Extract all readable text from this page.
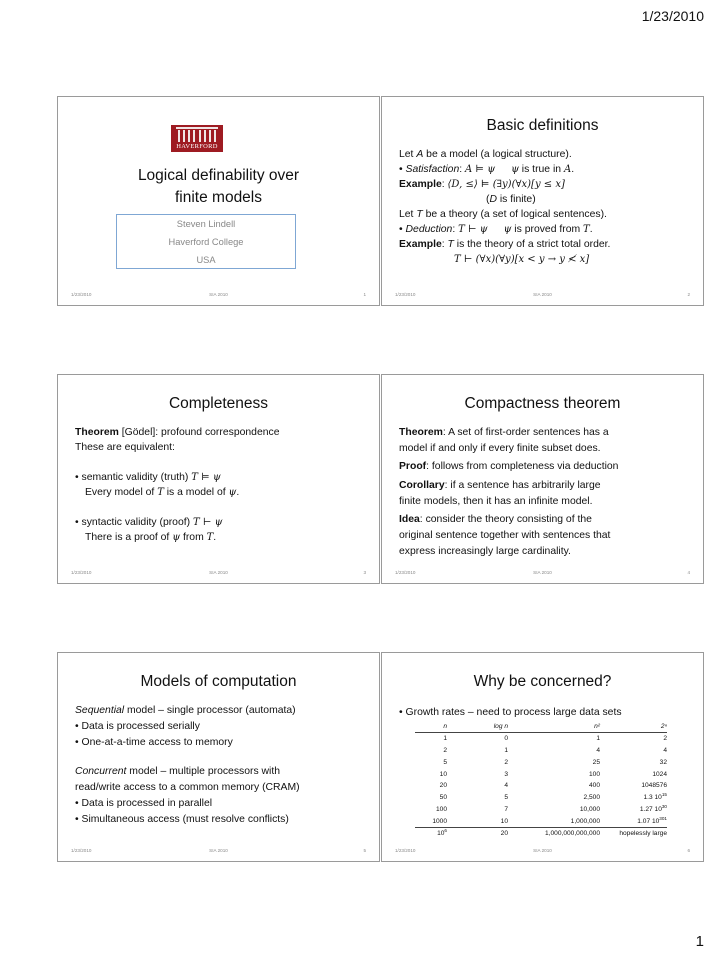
1/23/2010
HAVERFORD
Logical definability over
finite models
Steven Lindell
Haverford College
USA
1/23/2010	SIA 2010	1
Basic definitions
Let A be a model (a logical structure).
• Satisfaction: A ⊨ ψ ψ is true in A.
Example: ⟨D, ≤⟩ ⊨ (∃y)(∀x)[y ≤ x]
(D is finite)
Let T be a theory (a set of logical sentences).
• Deduction: T ⊢ ψ ψ is proved from T.
Example: T is the theory of a strict total order.
T ⊢ (∀x)(∀y)[x < y → y ≮ x]
1/23/2010	SIA 2010	2
Completeness
Theorem [Gödel]: profound correspondence
These are equivalent:
• semantic validity (truth) T ⊨ ψ
Every model of T is a model of ψ.
• syntactic validity (proof) T ⊢ ψ
There is a proof of ψ from T.
1/23/2010	SIA 2010	3
Compactness theorem
Theorem: A set of first-order sentences has a
model if and only if every finite subset does.
Proof: follows from completeness via deduction
Corollary: if a sentence has arbitrarily large
finite models, then it has an infinite model.
Idea: consider the theory consisting of the
original sentence together with sentences that
express increasingly large cardinality.
1/23/2010	SIA 2010	4
Models of computation
Sequential model – single processor (automata)
• Data is processed serially
• One-at-a-time access to memory
Concurrent model – multiple processors with
read/write access to a common memory (CRAM)
• Data is processed in parallel
• Simultaneous access (must resolve conflicts)
1/23/2010	SIA 2010	5
Why be concerned?
• Growth rates – need to process large data sets
n	log n	n²	2ⁿ
1	0	1	2
2	1	4	4
5	2	25	32
10	3	100	1024
20	4	400	1048576
50	5	2,500	1.3 $10^{15}$
100	7	10,000	1.27 $10^{30}$
1000	10	1,000,000	1.07 $10^{301}$
$10^6$	20	1,000,000,000,000	hopelessly large
1/23/2010	SIA 2010	6
1
